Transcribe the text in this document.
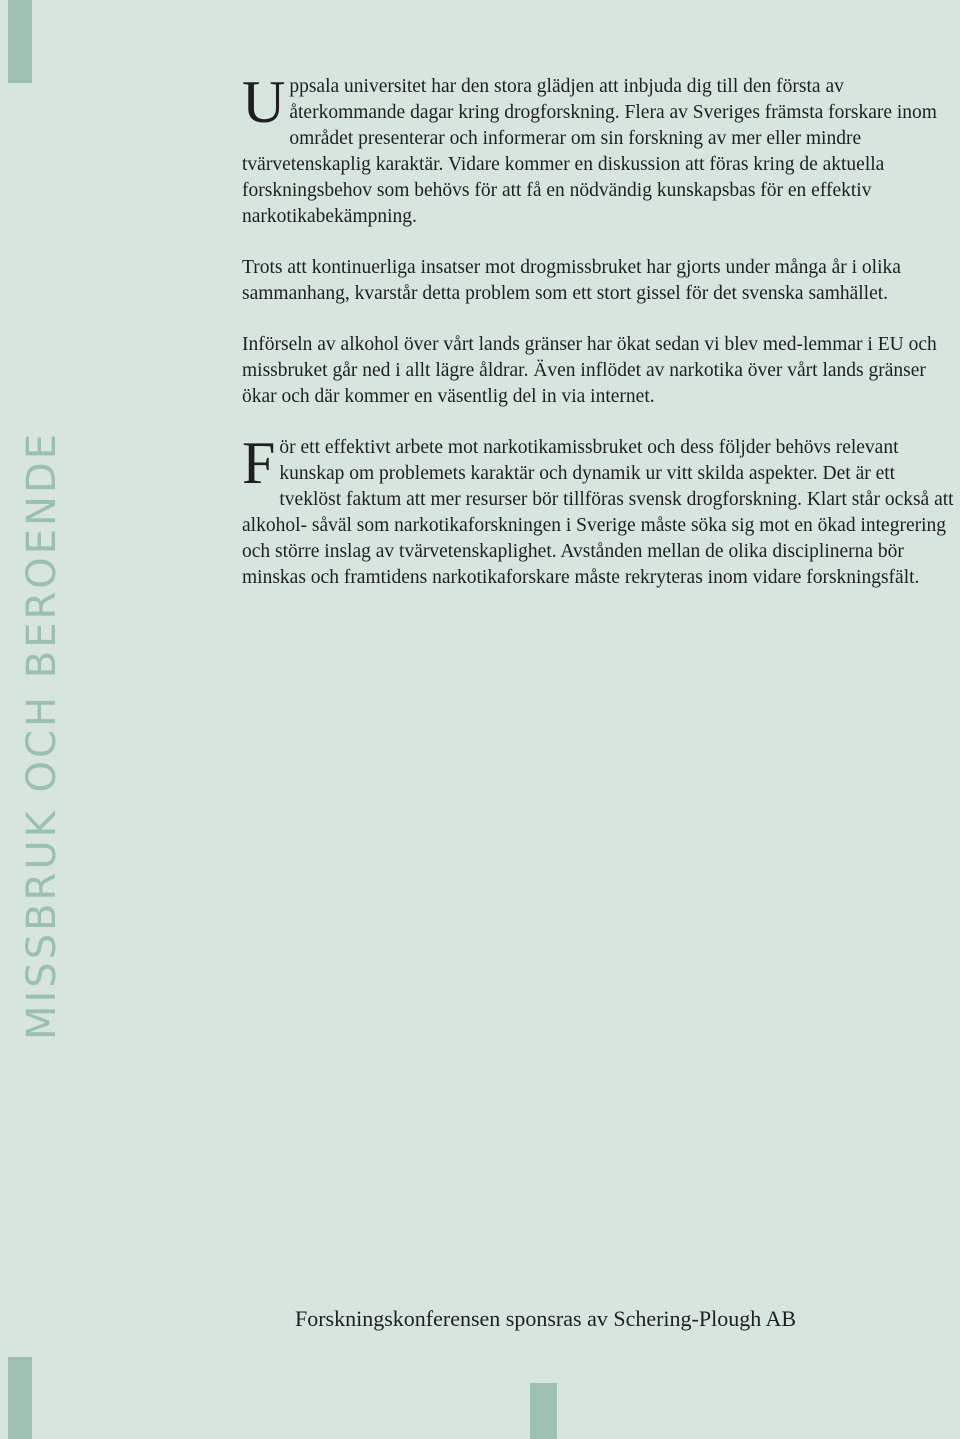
MISSBRUK OCH BEROENDE

Uppsala universitet har den stora glädjen att inbjuda dig till den första av återkommande dagar kring drogforskning. Flera av Sveriges främsta forskare inom området presenterar och informerar om sin forskning av mer eller mindre tvärvetenskaplig karaktär. Vidare kommer en diskussion att föras kring de aktuella forskningsbehov som behövs för att få en nödvändig kunskapsbas för en effektiv narkotikabekämpning.

Trots att kontinuerliga insatser mot drogmissbruket har gjorts under många år i olika sammanhang, kvarstår detta problem som ett stort gissel för det svenska samhället.

Införseln av alkohol över vårt lands gränser har ökat sedan vi blev med-lemmar i EU och missbruket går ned i allt lägre åldrar. Även inflödet av narkotika över vårt lands gränser ökar och där kommer en väsentlig del in via internet.

För ett effektivt arbete mot narkotikamissbruket och dess följder behövs relevant kunskap om problemets karaktär och dynamik ur vitt skilda aspekter. Det är ett tveklöst faktum att mer resurser bör tillföras svensk drogforskning. Klart står också att alkohol- såväl som narkotikaforskningen i Sverige måste söka sig mot en ökad integrering och större inslag av tvärvetenskaplighet. Avstånden mellan de olika disciplinerna bör minskas och framtidens narkotikaforskare måste rekryteras inom vidare forskningsfält.

Forskningskonferensen sponsras av Schering-Plough AB
